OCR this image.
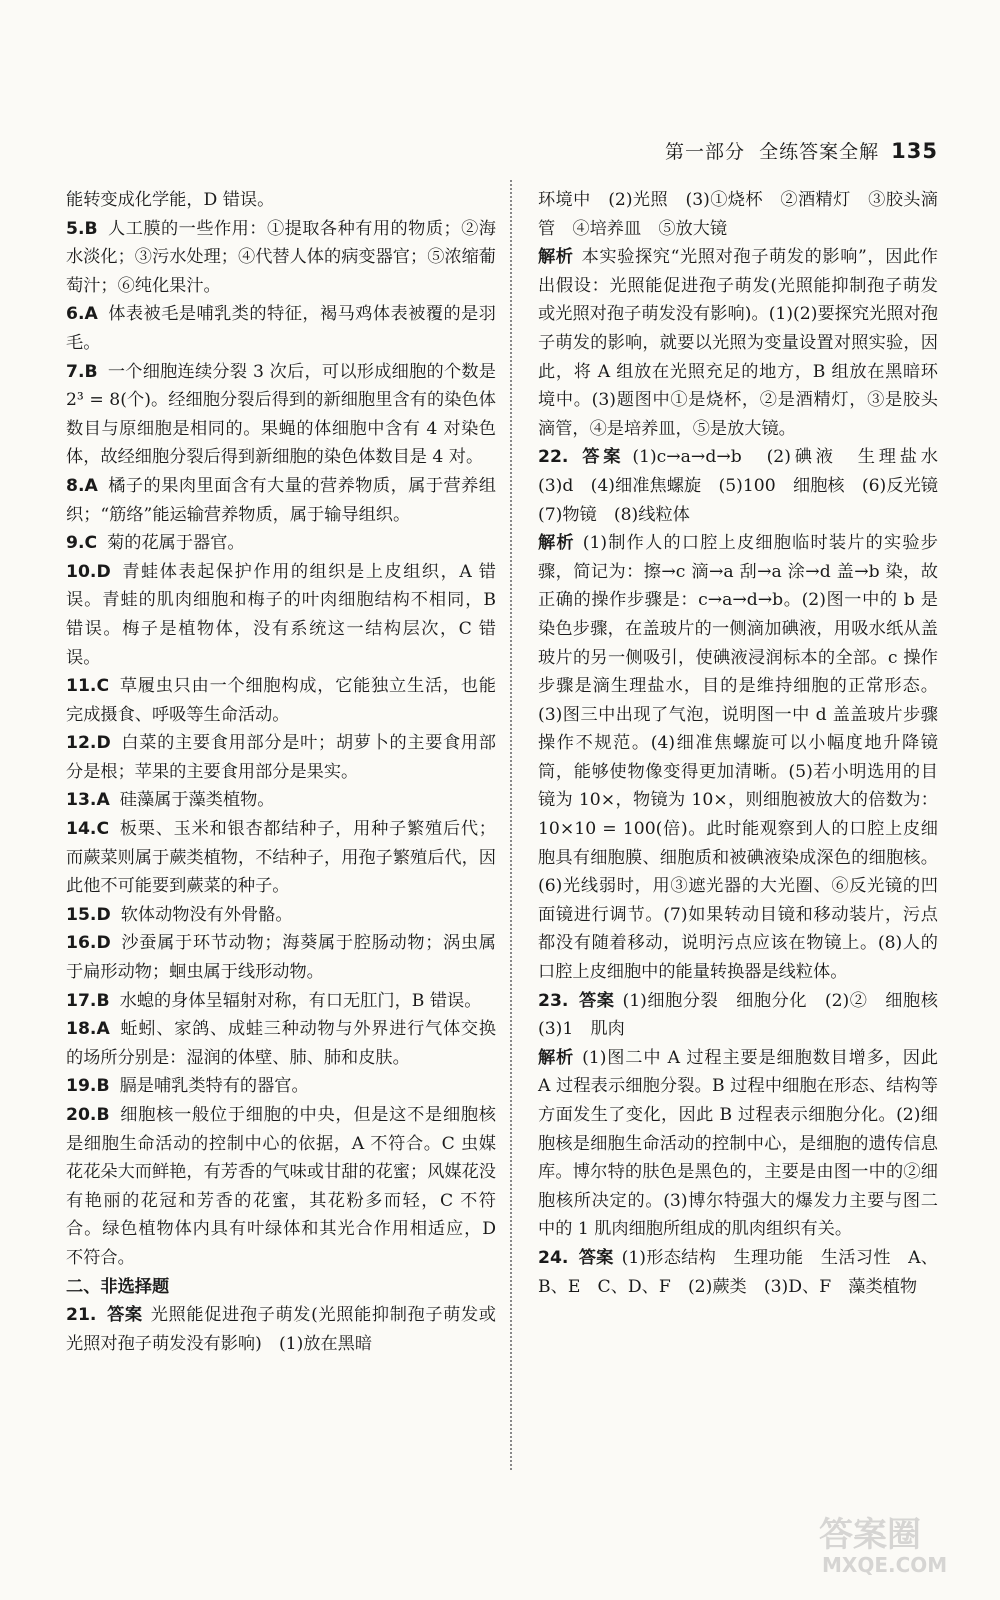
第一部分
全练答案全解 135

能转变成化学能，D 错误。

5.B 人工膜的一些作用：①提取各种有用的物质；②海水淡化；③污水处理；④代替人体的病变器官；⑤浓缩葡萄汁；⑥纯化果汁。

6.A 体表被毛是哺乳类的特征，褐马鸡体表被覆的是羽毛。

7.B 一个细胞连续分裂 3 次后，可以形成细胞的个数是 2³ = 8(个)。经细胞分裂后得到的新细胞里含有的染色体数目与原细胞是相同的。果蝇的体细胞中含有 4 对染色体，故经细胞分裂后得到新细胞的染色体数目是 4 对。

8.A 橘子的果肉里面含有大量的营养物质，属于营养组织；“筋络”能运输营养物质，属于输导组织。

9.C 菊的花属于器官。

10.D 青蛙体表起保护作用的组织是上皮组织，A 错误。青蛙的肌肉细胞和梅子的叶肉细胞结构不相同，B 错误。梅子是植物体，没有系统这一结构层次，C 错误。

11.C 草履虫只由一个细胞构成，它能独立生活，也能完成摄食、呼吸等生命活动。

12.D 白菜的主要食用部分是叶；胡萝卜的主要食用部分是根；苹果的主要食用部分是果实。

13.A 硅藻属于藻类植物。

14.C 板栗、玉米和银杏都结种子，用种子繁殖后代；而蕨菜则属于蕨类植物，不结种子，用孢子繁殖后代，因此他不可能要到蕨菜的种子。

15.D 软体动物没有外骨骼。

16.D 沙蚕属于环节动物；海葵属于腔肠动物；涡虫属于扁形动物；蛔虫属于线形动物。

17.B 水螅的身体呈辐射对称，有口无肛门，B 错误。

18.A 蚯蚓、家鸽、成蛙三种动物与外界进行气体交换的场所分别是：湿润的体壁、肺、肺和皮肤。

19.B 膈是哺乳类特有的器官。

20.B 细胞核一般位于细胞的中央，但是这不是细胞核是细胞生命活动的控制中心的依据，A 不符合。C 虫媒花花朵大而鲜艳，有芳香的气味或甘甜的花蜜；风媒花没有艳丽的花冠和芳香的花蜜，其花粉多而轻，C 不符合。绿色植物体内具有叶绿体和其光合作用相适应，D 不符合。

二、非选择题

21. 答案 光照能促进孢子萌发(光照能抑制孢子萌发或光照对孢子萌发没有影响)　(1)放在黑暗

环境中　(2)光照　(3)①烧杯　②酒精灯　③胶头滴管　④培养皿　⑤放大镜

解析 本实验探究“光照对孢子萌发的影响”，因此作出假设：光照能促进孢子萌发(光照能抑制孢子萌发或光照对孢子萌发没有影响)。(1)(2)要探究光照对孢子萌发的影响，就要以光照为变量设置对照实验，因此，将 A 组放在光照充足的地方，B 组放在黑暗环境中。(3)题图中①是烧杯，②是酒精灯，③是胶头滴管，④是培养皿，⑤是放大镜。

22. 答案 (1)c→a→d→b　(2)碘液　生理盐水　(3)d　(4)细准焦螺旋　(5)100　细胞核　(6)反光镜　(7)物镜　(8)线粒体

解析 (1)制作人的口腔上皮细胞临时装片的实验步骤，简记为：擦→c 滴→a 刮→a 涂→d 盖→b 染，故正确的操作步骤是：c→a→d→b。(2)图一中的 b 是染色步骤，在盖玻片的一侧滴加碘液，用吸水纸从盖玻片的另一侧吸引，使碘液浸润标本的全部。c 操作步骤是滴生理盐水，目的是维持细胞的正常形态。(3)图三中出现了气泡，说明图一中 d 盖盖玻片步骤操作不规范。(4)细准焦螺旋可以小幅度地升降镜筒，能够使物像变得更加清晰。(5)若小明选用的目镜为 10×，物镜为 10×，则细胞被放大的倍数为：10×10 = 100(倍)。此时能观察到人的口腔上皮细胞具有细胞膜、细胞质和被碘液染成深色的细胞核。(6)光线弱时，用③遮光器的大光圈、⑥反光镜的凹面镜进行调节。(7)如果转动目镜和移动装片，污点都没有随着移动，说明污点应该在物镜上。(8)人的口腔上皮细胞中的能量转换器是线粒体。

23. 答案 (1)细胞分裂　细胞分化　(2)②　细胞核　(3)1　肌肉

解析 (1)图二中 A 过程主要是细胞数目增多，因此 A 过程表示细胞分裂。B 过程中细胞在形态、结构等方面发生了变化，因此 B 过程表示细胞分化。(2)细胞核是细胞生命活动的控制中心，是细胞的遗传信息库。博尔特的肤色是黑色的，主要是由图一中的②细胞核所决定的。(3)博尔特强大的爆发力主要与图二中的 1 肌肉细胞所组成的肌肉组织有关。

24. 答案 (1)形态结构　生理功能　生活习性　A、B、E　C、D、F　(2)蕨类　(3)D、F　藻类植物

答案圈
MXQE.COM
